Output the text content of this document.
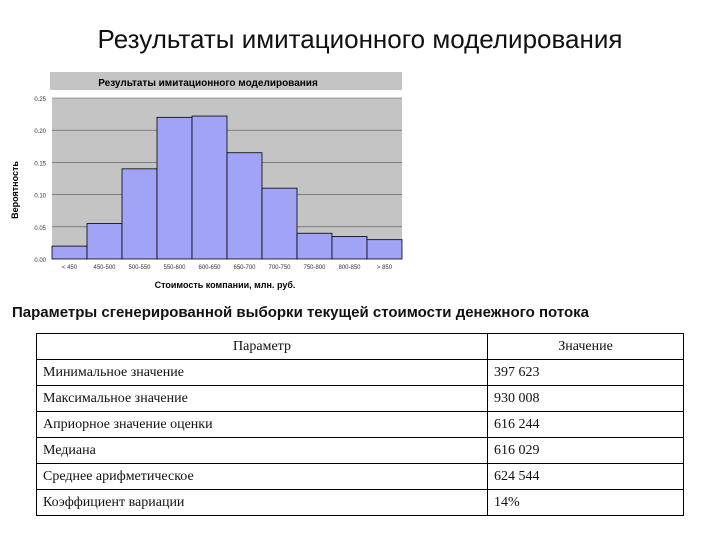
Результаты имитационного моделирования
Результаты имитационного моделирования
0.00
0.05
0.10
0.15
0.20
0.25
< 450	450-500 500-550 550-600 600-650 650-700 700-750 750-800 800-850	> 850
Вероятность
Стоимость компании, млн. руб.
Параметры сгенерированной выборки текущей стоимости денежного потока
Параметр	Значение
Минимальное значение	397 623
Максимальное значение	930 008
Априорное значение оценки	616 244
Медиана	616 029
Среднее арифметическое	624 544
Коэффициент вариации	14%
